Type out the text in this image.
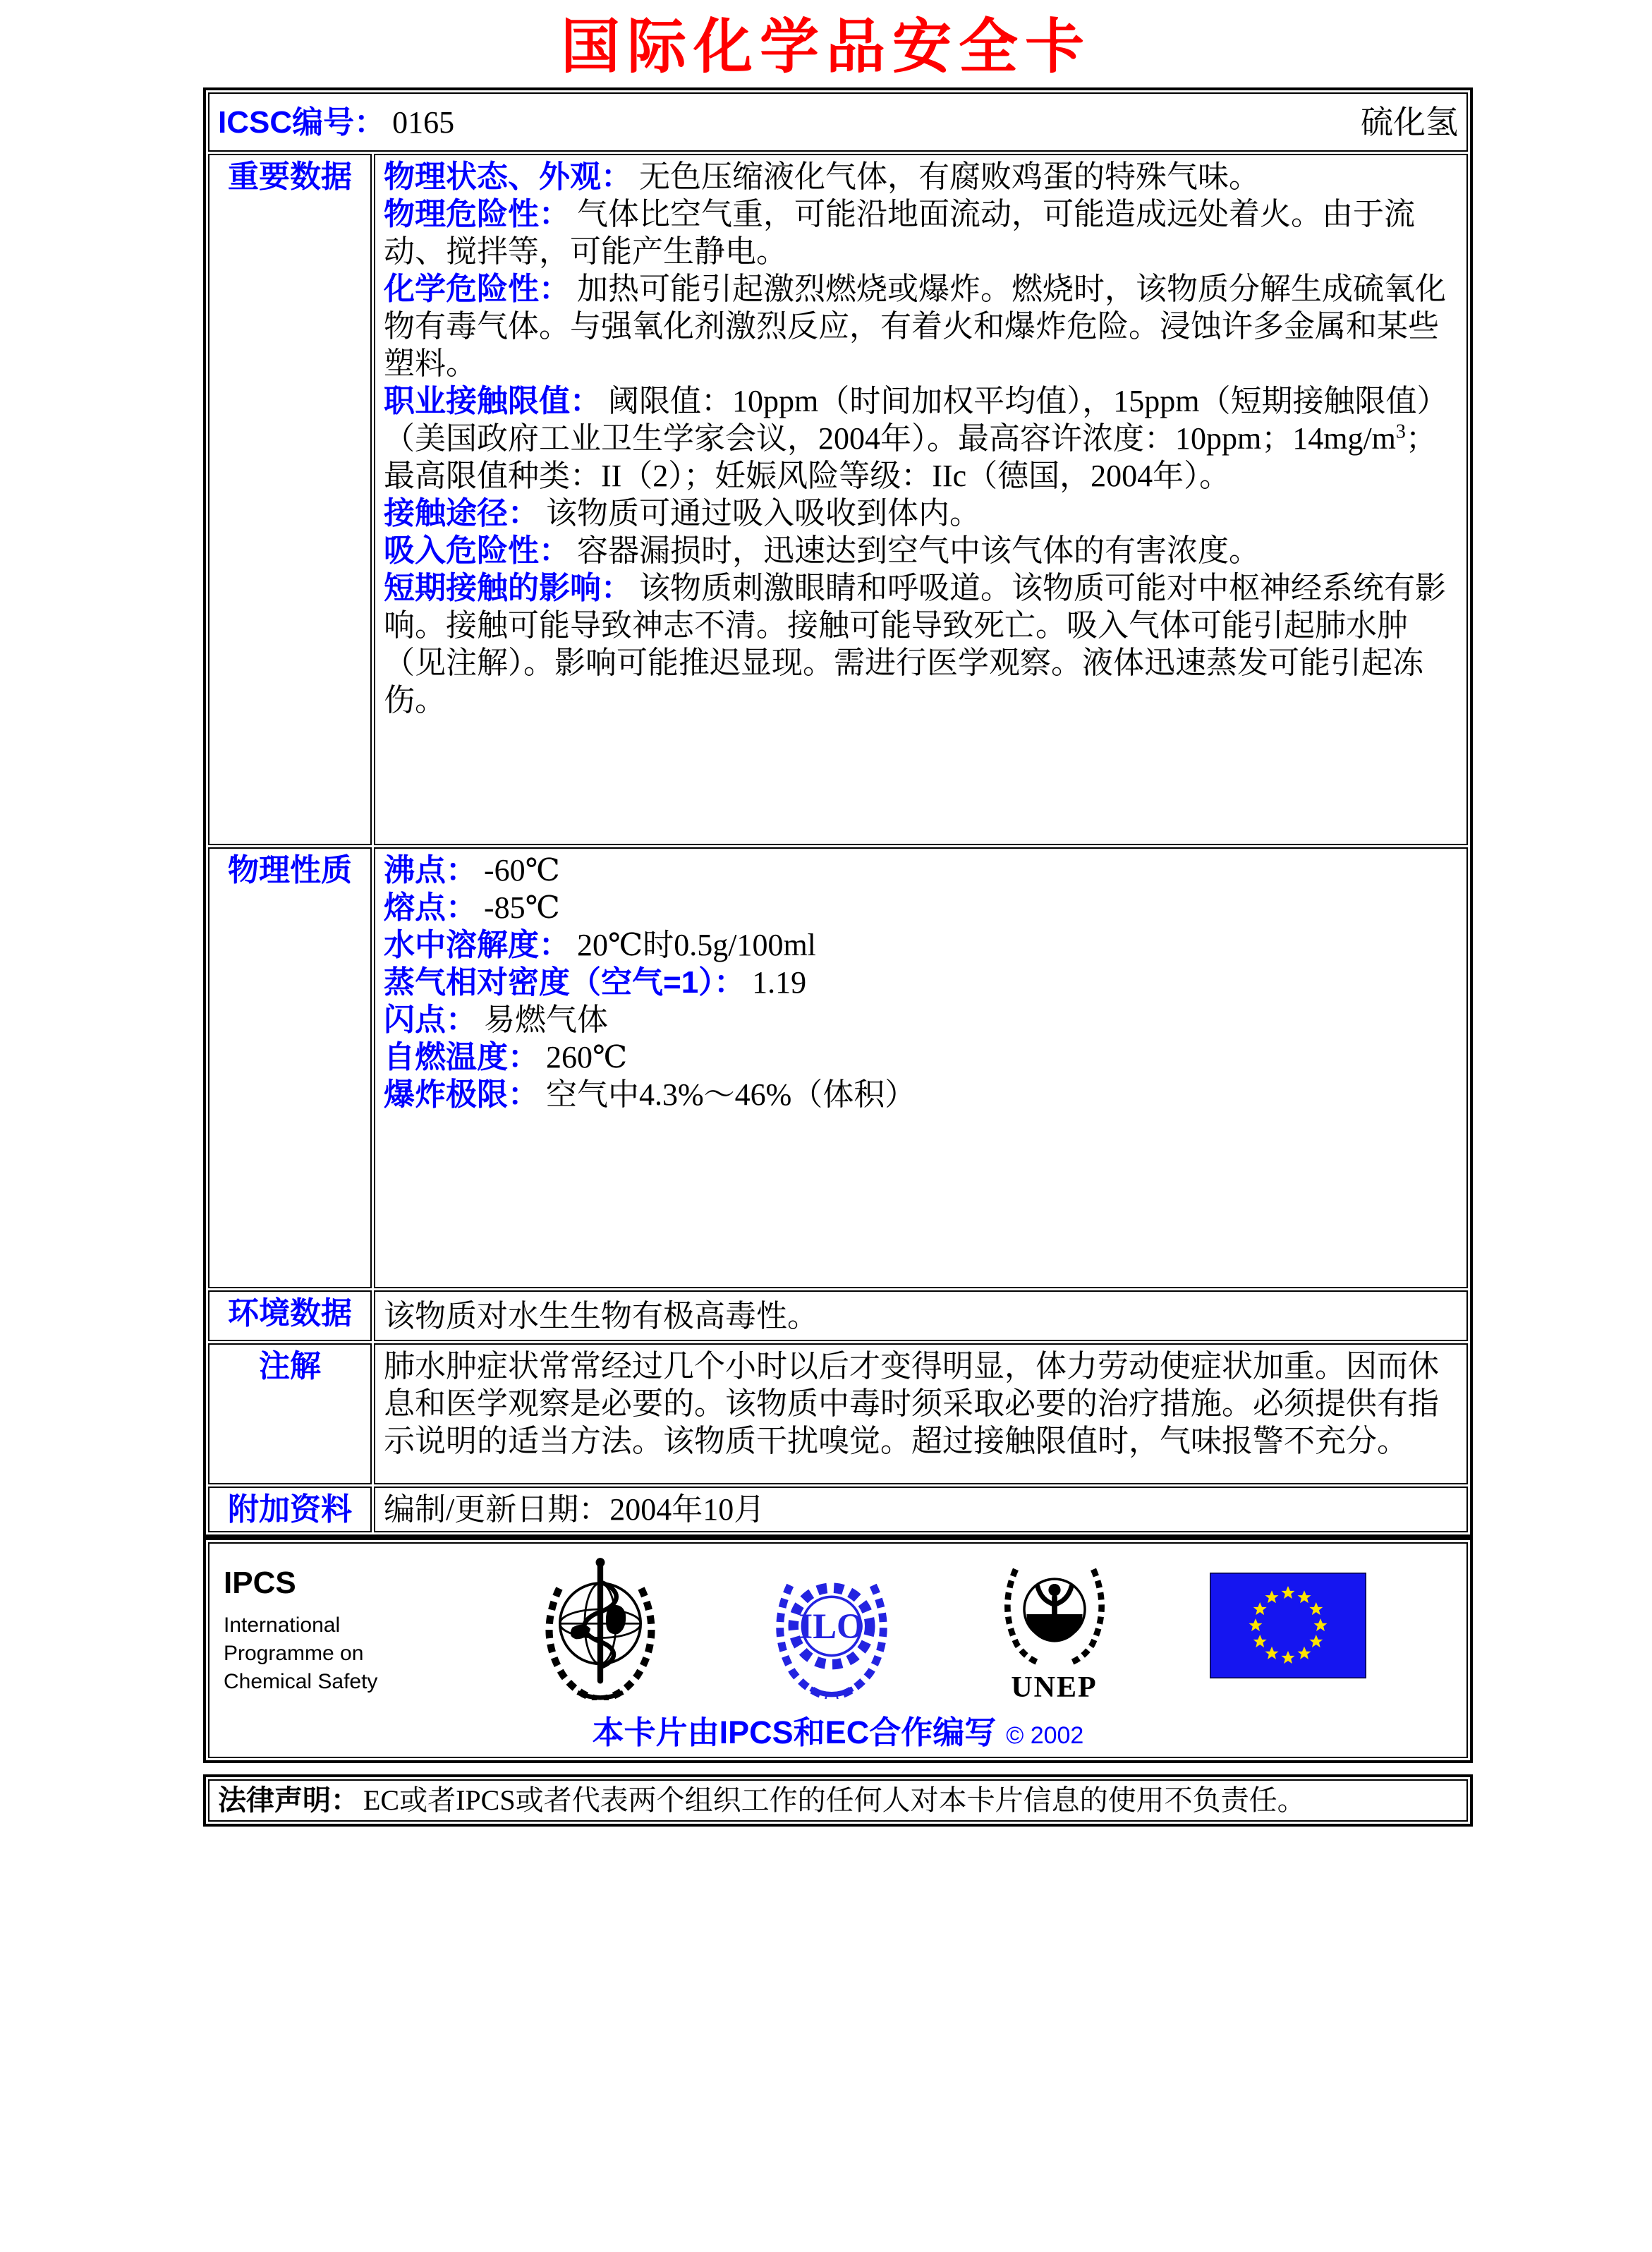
国际化学品安全卡
ICSC编号： 0165 硫化氢	

重要数据	物理状态、外观： 无色压缩液化气体，有腐败鸡蛋的特殊气味。

物理危险性： 气体比空气重，可能沿地面流动，可能造成远处着火。由于流动、搅拌等，可能产生静电。

化学危险性： 加热可能引起激烈燃烧或爆炸。燃烧时，该物质分解生成硫氧化物有毒气体。与强氧化剂激烈反应，有着火和爆炸危险。浸蚀许多金属和某些塑料。

职业接触限值： 阈限值：10ppm（时间加权平均值），15ppm（短期接触限值）（美国政府工业卫生学家会议，2004年）。最高容许浓度：10ppm；$14mg/m^3$；最高限值种类：II（2）；妊娠风险等级：IIc（德国，2004年）。

接触途径： 该物质可通过吸入吸收到体内。

吸入危险性： 容器漏损时，迅速达到空气中该气体的有害浓度。

短期接触的影响： 该物质刺激眼睛和呼吸道。该物质可能对中枢神经系统有影响。接触可能导致神志不清。接触可能导致死亡。吸入气体可能引起肺水肿（见注解）。影响可能推迟显现。需进行医学观察。液体迅速蒸发可能引起冻伤。

物理性质	沸点： -60℃

熔点： -85℃

水中溶解度： 20℃时0.5g/100ml

蒸气相对密度（空气=1）： 1.19

闪点： 易燃气体

自燃温度： 260℃

爆炸极限： 空气中4.3%～46%（体积）

环境数据	该物质对水生生物有极高毒性。
注解	肺水肿症状常常经过几个小时以后才变得明显，体力劳动使症状加重。因而休息和医学观察是必要的。该物质中毒时须采取必要的治疗措施。必须提供有指示说明的适当方法。该物质干扰嗅觉。超过接触限值时，气味报警不充分。
附加资料	编制/更新日期：2004年10月
IPCS
International
Programme on
Chemical Safety
ILO
UNEP
本卡片由IPCS和EC合作编写 © 2002
法律声明： EC或者IPCS或者代表两个组织工作的任何人对本卡片信息的使用不负责任。
